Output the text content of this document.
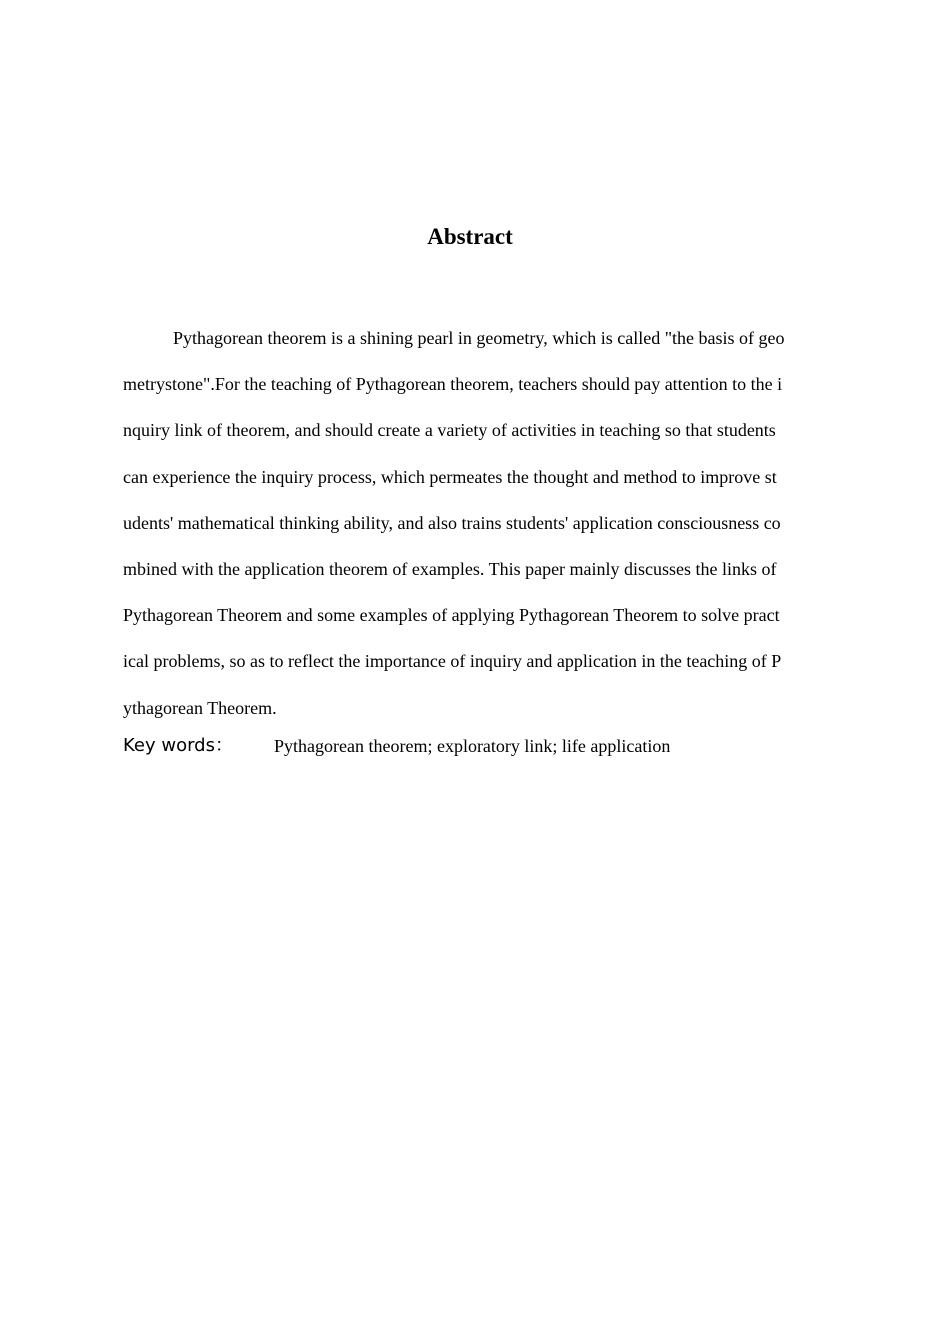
Abstract
Pythagorean theorem is a shining pearl in geometry, which is called "the basis of geo
metrystone".For the teaching of Pythagorean theorem, teachers should pay attention to the i
nquiry link of theorem, and should create a variety of activities in teaching so that students
can experience the inquiry process, which permeates the thought and method to improve st
udents' mathematical thinking ability, and also trains students' application consciousness co
mbined with the application theorem of examples. This paper mainly discusses the links of
Pythagorean Theorem and some examples of applying Pythagorean Theorem to solve pract
ical problems, so as to reflect the importance of inquiry and application in the teaching of P
ythagorean Theorem.
Key words： Pythagorean theorem; exploratory link; life application
